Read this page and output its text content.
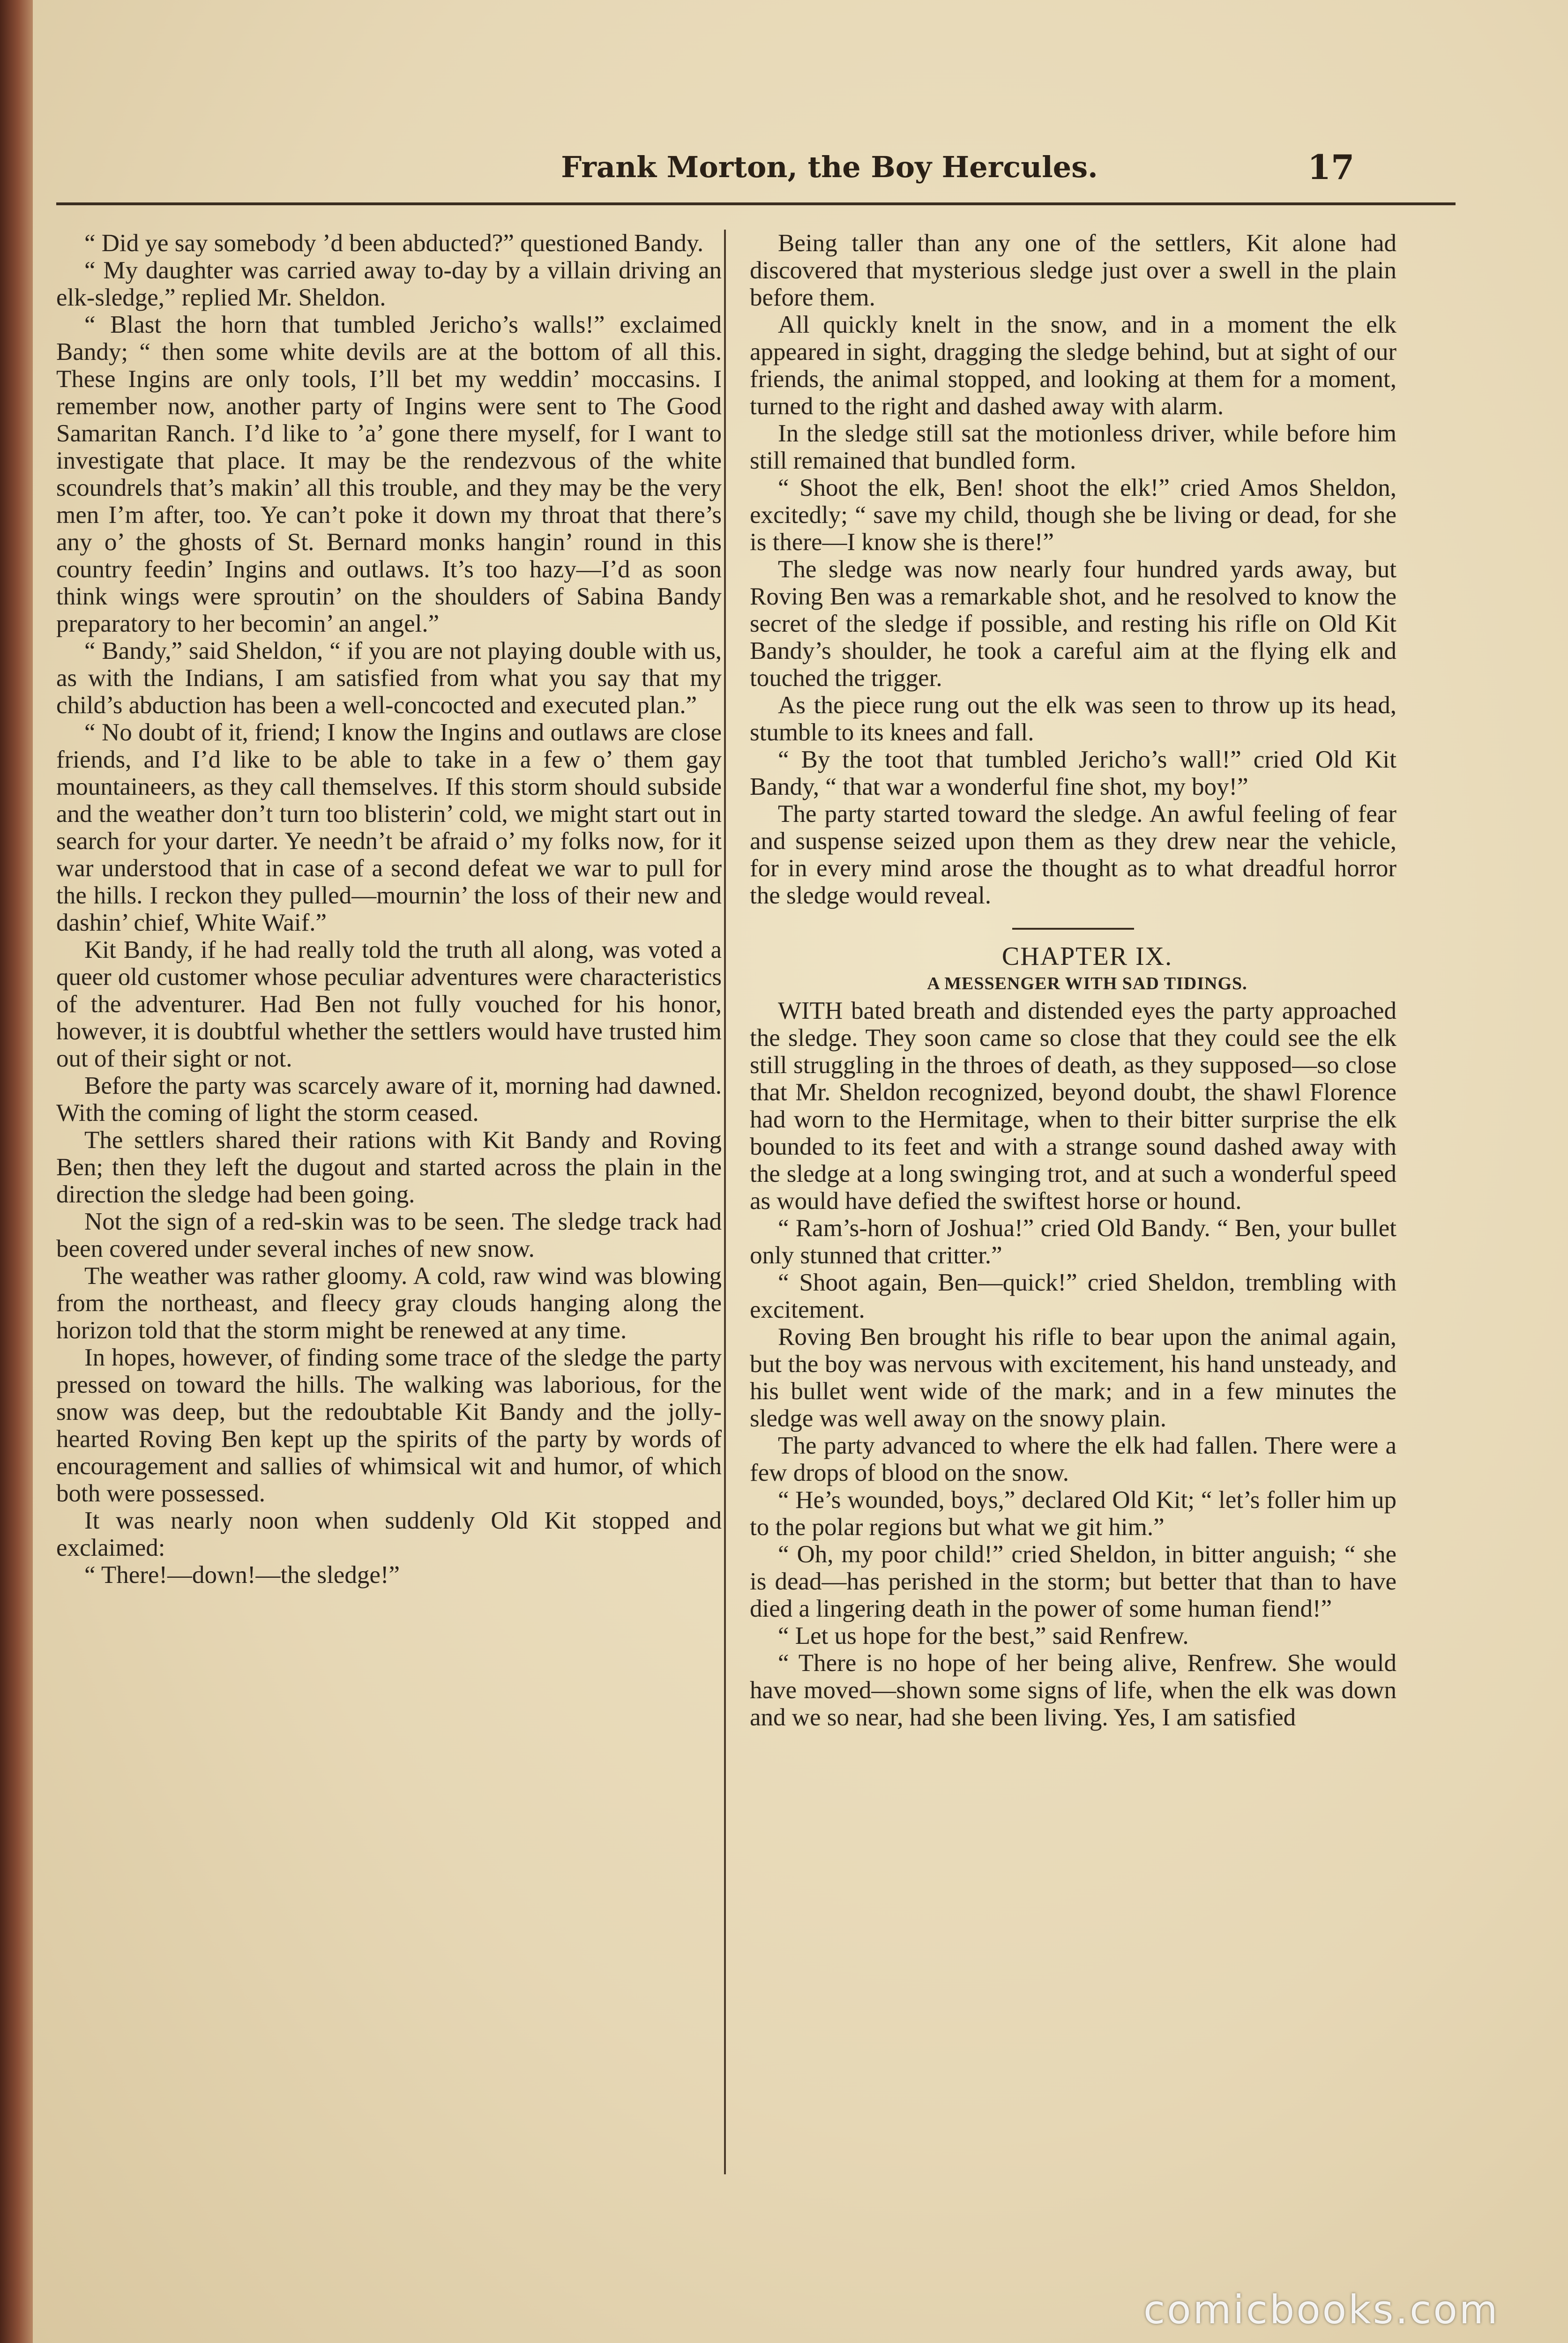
Frank Morton, the Boy Hercules.	17

“ Did ye say somebody ’d been abducted?” questioned Bandy.

“ My daughter was carried away to-day by a villain driving an elk-sledge,” replied Mr. Sheldon.

“ Blast the horn that tumbled Jericho’s walls!” exclaimed Bandy; “ then some white devils are at the bottom of all this. These Ingins are only tools, I’ll bet my weddin’ moccasins. I remember now, another party of Ingins were sent to The Good Samaritan Ranch. I’d like to ’a’ gone there myself, for I want to investigate that place. It may be the rendezvous of the white scoundrels that’s makin’ all this trouble, and they may be the very men I’m after, too. Ye can’t poke it down my throat that there’s any o’ the ghosts of St. Bernard monks hangin’ round in this country feedin’ Ingins and outlaws. It’s too hazy—I’d as soon think wings were sproutin’ on the shoulders of Sabina Bandy preparatory to her becomin’ an angel.”

“ Bandy,” said Sheldon, “ if you are not playing double with us, as with the Indians, I am satisfied from what you say that my child’s abduction has been a well-concocted and executed plan.”

“ No doubt of it, friend; I know the Ingins and outlaws are close friends, and I’d like to be able to take in a few o’ them gay mountaineers, as they call themselves. If this storm should subside and the weather don’t turn too blisterin’ cold, we might start out in search for your darter. Ye needn’t be afraid o’ my folks now, for it war understood that in case of a second defeat we war to pull for the hills. I reckon they pulled—mournin’ the loss of their new and dashin’ chief, White Waif.”

Kit Bandy, if he had really told the truth all along, was voted a queer old customer whose peculiar adventures were characteristics of the adventurer. Had Ben not fully vouched for his honor, however, it is doubtful whether the settlers would have trusted him out of their sight or not.

Before the party was scarcely aware of it, morning had dawned. With the coming of light the storm ceased.

The settlers shared their rations with Kit Bandy and Roving Ben; then they left the dugout and started across the plain in the direction the sledge had been going.

Not the sign of a red-skin was to be seen. The sledge track had been covered under several inches of new snow.

The weather was rather gloomy. A cold, raw wind was blowing from the northeast, and fleecy gray clouds hanging along the horizon told that the storm might be renewed at any time.

In hopes, however, of finding some trace of the sledge the party pressed on toward the hills. The walking was laborious, for the snow was deep, but the redoubtable Kit Bandy and the jolly-hearted Roving Ben kept up the spirits of the party by words of encouragement and sallies of whimsical wit and humor, of which both were possessed.

It was nearly noon when suddenly Old Kit stopped and exclaimed:

“ There!—down!—the sledge!”

Being taller than any one of the settlers, Kit alone had discovered that mysterious sledge just over a swell in the plain before them.

All quickly knelt in the snow, and in a moment the elk appeared in sight, dragging the sledge behind, but at sight of our friends, the animal stopped, and looking at them for a moment, turned to the right and dashed away with alarm.

In the sledge still sat the motionless driver, while before him still remained that bundled form.

“ Shoot the elk, Ben! shoot the elk!” cried Amos Sheldon, excitedly; “ save my child, though she be living or dead, for she is there—I know she is there!”

The sledge was now nearly four hundred yards away, but Roving Ben was a remarkable shot, and he resolved to know the secret of the sledge if possible, and resting his rifle on Old Kit Bandy’s shoulder, he took a careful aim at the flying elk and touched the trigger.

As the piece rung out the elk was seen to throw up its head, stumble to its knees and fall.

“ By the toot that tumbled Jericho’s wall!” cried Old Kit Bandy, “ that war a wonderful fine shot, my boy!”

The party started toward the sledge. An awful feeling of fear and suspense seized upon them as they drew near the vehicle, for in every mind arose the thought as to what dreadful horror the sledge would reveal.

CHAPTER IX.

A MESSENGER WITH SAD TIDINGS.

WITH bated breath and distended eyes the party approached the sledge. They soon came so close that they could see the elk still struggling in the throes of death, as they supposed—so close that Mr. Sheldon recognized, beyond doubt, the shawl Florence had worn to the Hermitage, when to their bitter surprise the elk bounded to its feet and with a strange sound dashed away with the sledge at a long swinging trot, and at such a wonderful speed as would have defied the swiftest horse or hound.

“ Ram’s-horn of Joshua!” cried Old Bandy. “ Ben, your bullet only stunned that critter.”

“ Shoot again, Ben—quick!” cried Sheldon, trembling with excitement.

Roving Ben brought his rifle to bear upon the animal again, but the boy was nervous with excitement, his hand unsteady, and his bullet went wide of the mark; and in a few minutes the sledge was well away on the snowy plain.

The party advanced to where the elk had fallen. There were a few drops of blood on the snow.

“ He’s wounded, boys,” declared Old Kit; “ let’s foller him up to the polar regions but what we git him.”

“ Oh, my poor child!” cried Sheldon, in bitter anguish; “ she is dead—has perished in the storm; but better that than to have died a lingering death in the power of some human fiend!”

“ Let us hope for the best,” said Renfrew.

“ There is no hope of her being alive, Renfrew. She would have moved—shown some signs of life, when the elk was down and we so near, had she been living. Yes, I am satisfied

comicbooks.com
